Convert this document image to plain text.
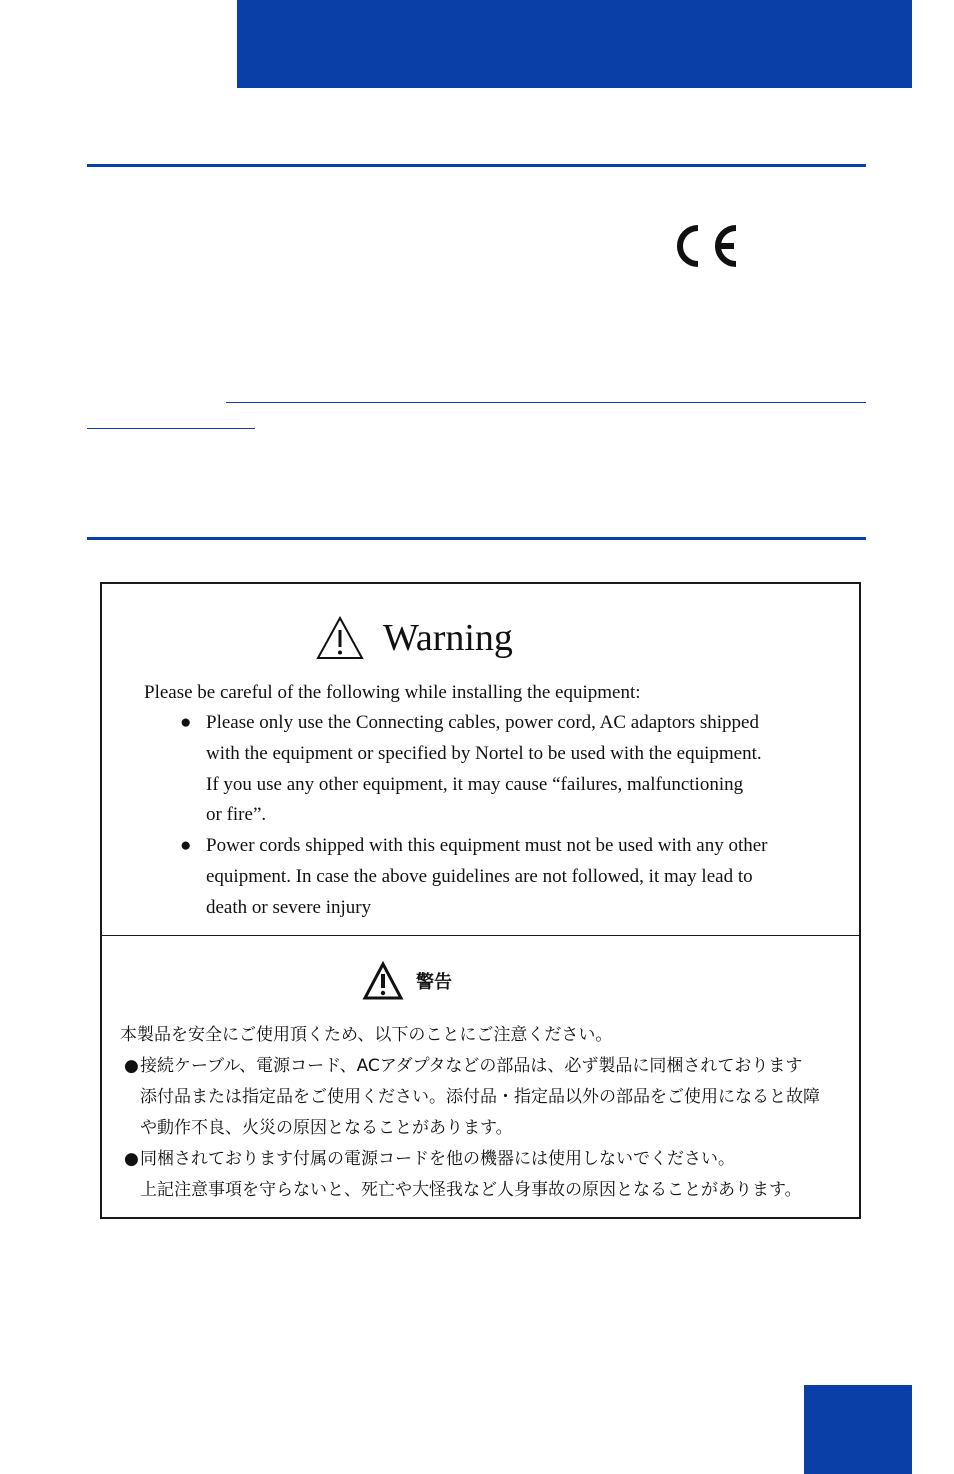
Warning
Please be careful of the following while installing the equipment:
● Please only use the Connecting cables, power cord, AC adaptors shipped
with the equipment or specified by Nortel to be used with the equipment.
If you use any other equipment, it may cause “failures, malfunctioning
or fire”.
● Power cords shipped with this equipment must not be used with any other
equipment. In case the above guidelines are not followed, it may lead to
death or severe injury
警告
本製品を安全にご使用頂くため、以下のことにご注意ください。
● 接続ケーブル、電源コード、ACアダプタなどの部品は、必ず製品に同梱されております
添付品または指定品をご使用ください。添付品・指定品以外の部品をご使用になると故障
や動作不良、火災の原因となることがあります。
● 同梱されております付属の電源コードを他の機器には使用しないでください。
上記注意事項を守らないと、死亡や大怪我など人身事故の原因となることがあります。
